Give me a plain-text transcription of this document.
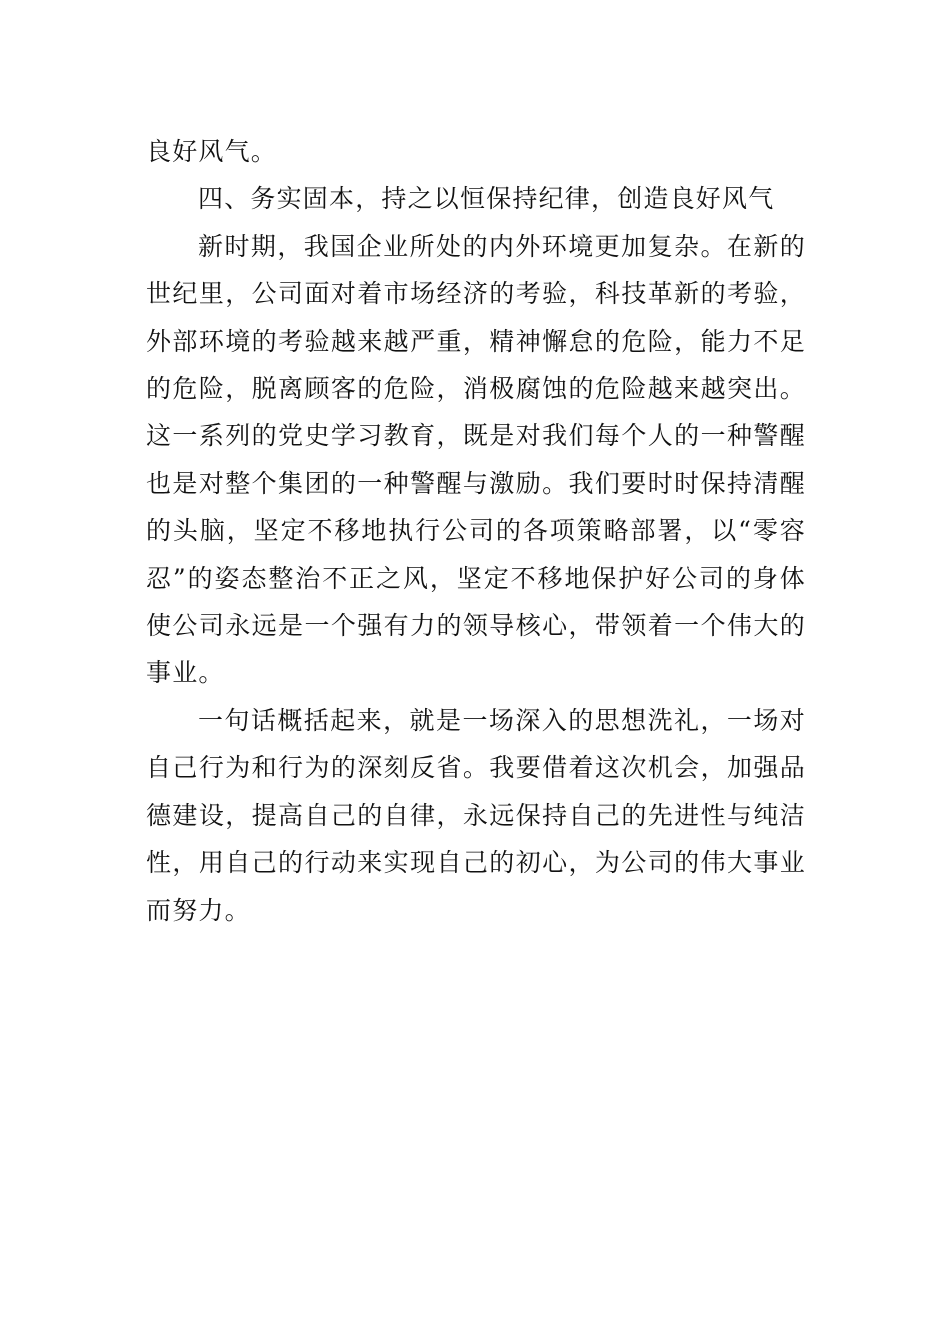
良好风气。

四、务实固本，持之以恒保持纪律，创造良好风气

新时期，我国企业所处的内外环境更加复杂。在新的世纪里，公司面对着市场经济的考验，科技革新的考验，外部环境的考验越来越严重，精神懈怠的危险，能力不足的危险，脱离顾客的危险，消极腐蚀的危险越来越突出。这一系列的党史学习教育，既是对我们每个人的一种警醒也是对整个集团的一种警醒与激励。我们要时时保持清醒的头脑，坚定不移地执行公司的各项策略部署，以“零容忍”的姿态整治不正之风，坚定不移地保护好公司的身体使公司永远是一个强有力的领导核心，带领着一个伟大的事业。

一句话概括起来，就是一场深入的思想洗礼，一场对自己行为和行为的深刻反省。我要借着这次机会，加强品德建设，提高自己的自律，永远保持自己的先进性与纯洁性，用自己的行动来实现自己的初心，为公司的伟大事业而努力。
